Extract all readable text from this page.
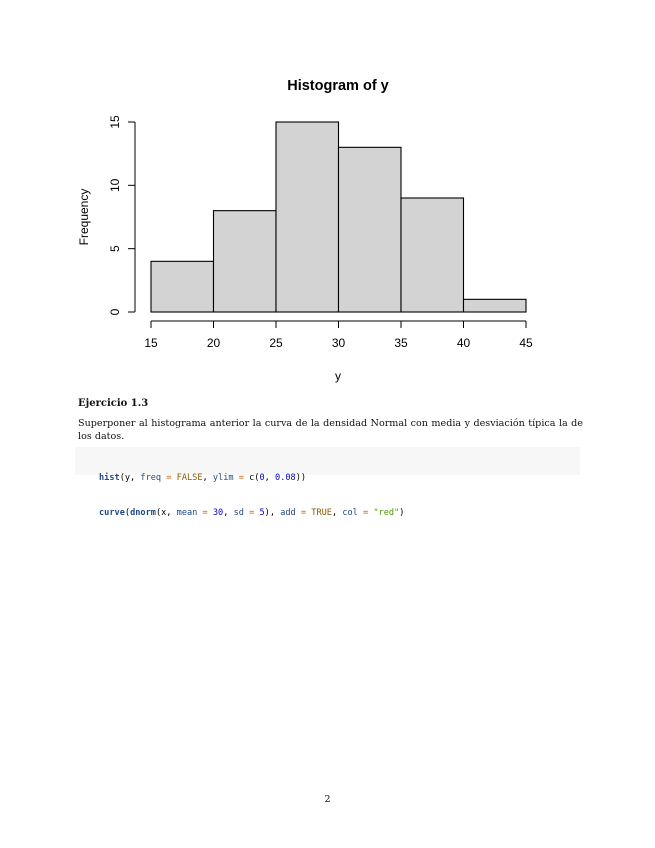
Histogram of y
15	20	25	30	35	40	45
0
5
10
15
y
Frequency
Ejercicio 1.3
Superponer al histograma anterior la curva de la densidad Normal con media y desviación típica la de los datos.

hist(y, freq = FALSE, ylim = c(0, 0.08))

curve(dnorm(x, mean = 30, sd = 5), add = TRUE, col = "red")

2
